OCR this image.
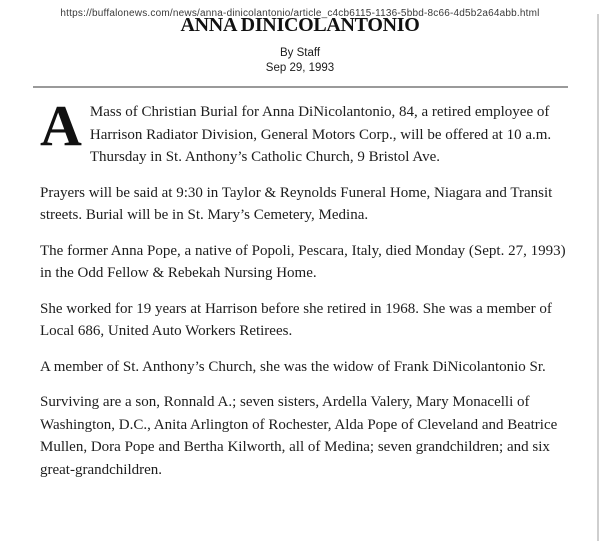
https://buffalonews.com/news/anna-dinicolantonio/article_c4cb6115-1136-5bbd-8c66-4d5b2a64abb.html
ANNA DINICOLANTONIO
By Staff
Sep 29, 1993

A Mass of Christian Burial for Anna DiNicolantonio, 84, a retired employee of Harrison Radiator Division, General Motors Corp., will be offered at 10 a.m. Thursday in St. Anthony’s Catholic Church, 9 Bristol Ave.

Prayers will be said at 9:30 in Taylor & Reynolds Funeral Home, Niagara and Transit streets. Burial will be in St. Mary’s Cemetery, Medina.

The former Anna Pope, a native of Popoli, Pescara, Italy, died Monday (Sept. 27, 1993) in the Odd Fellow & Rebekah Nursing Home.

She worked for 19 years at Harrison before she retired in 1968. She was a member of Local 686, United Auto Workers Retirees.

A member of St. Anthony’s Church, she was the widow of Frank DiNicolantonio Sr.

Surviving are a son, Ronnald A.; seven sisters, Ardella Valery, Mary Monacelli of Washington, D.C., Anita Arlington of Rochester, Alda Pope of Cleveland and Beatrice Mullen, Dora Pope and Bertha Kilworth, all of Medina; seven grandchildren; and six great-grandchildren.
